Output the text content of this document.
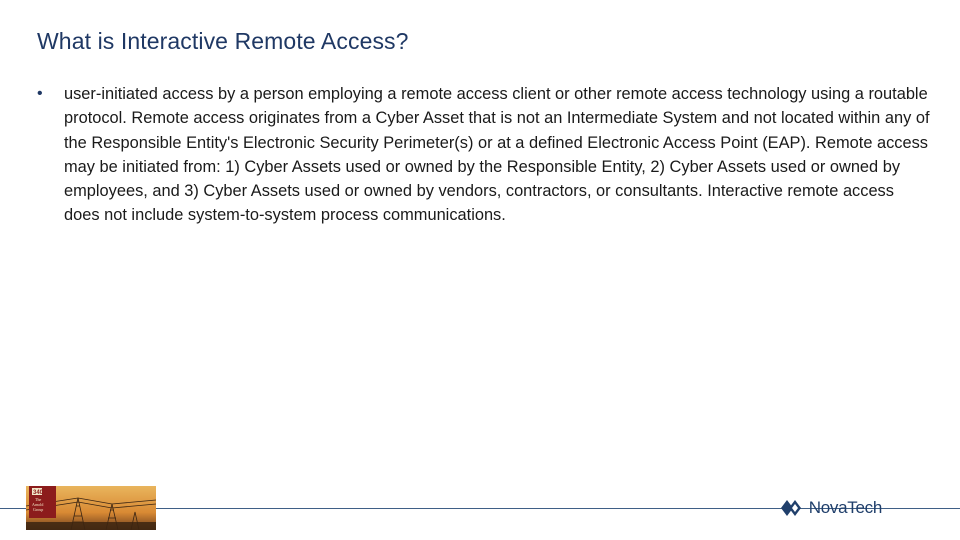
What is Interactive Remote Access?
•	user-initiated access by a person employing a remote access client or other remote access technology using a routable protocol. Remote access originates from a Cyber Asset that is not an Intermediate System and not located within any of the Responsible Entity's Electronic Security Perimeter(s) or at a defined Electronic Access Point (EAP). Remote access may be initiated from: 1) Cyber Assets used or owned by the Responsible Entity, 2) Cyber Assets used or owned by employees, and 3) Cyber Assets used or owned by vendors, contractors, or consultants. Interactive remote access does not include system-to-system process communications.

340
The
Arnold
Group	NovaTech
